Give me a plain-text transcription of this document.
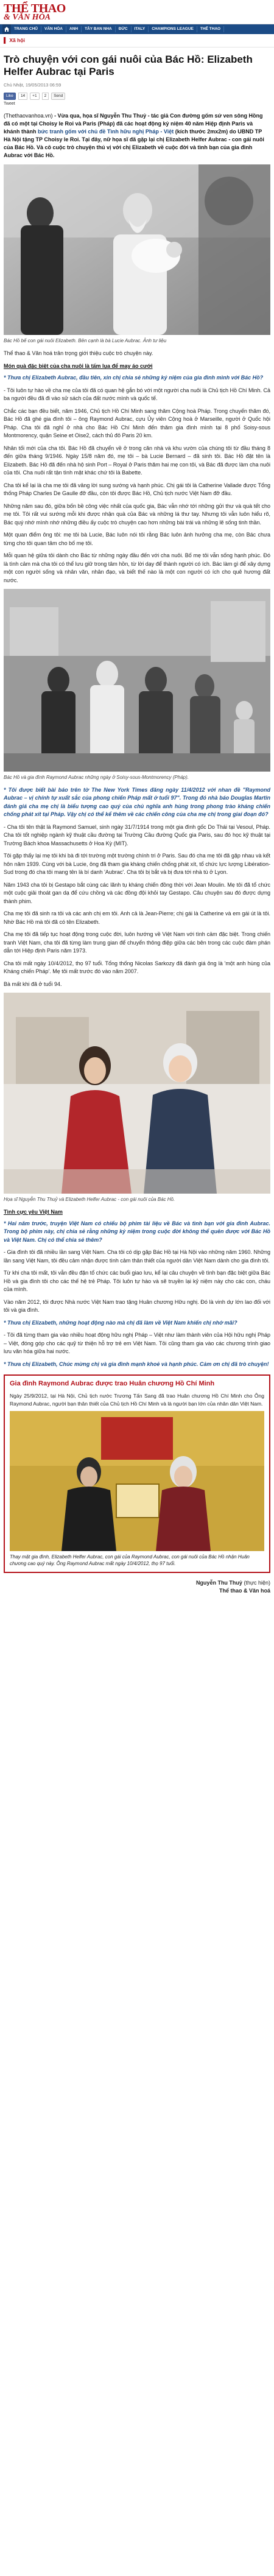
THỂ THAO
& VĂN HÓA
TRANG CHỦ	VĂN HÓA	ANH	TÂY BAN NHA	ĐỨC	ITALY	CHAMPIONS LEAGUE	THỂ THAO
▌ Xã hội
Trò chuyện với con gái nuôi của Bác Hồ: Elizabeth Helfer Aubrac tại Paris
Chủ Nhật, 19/05/2013 06:59
Like	14	+1	2	Send
Tweet
(Thethaovanhoa.vn) - Vừa qua, họa sĩ Nguyễn Thu Thuỷ - tác giả Con đường gốm sứ ven sông Hồng đã có một tại Choisy le Roi và Paris (Pháp) đã các hoạt động kỷ niệm 40 năm Hiệp định Paris và khánh thành bức tranh gốm với chủ đề Tình hữu nghị Pháp - Việt (kích thước 2mx2m) do UBND TP Hà Nội tặng TP Choisy le Roi. Tại đây, nữ họa sĩ đã gặp lại chị Elizabeth Helfer Aubrac - con gái nuôi của Bác Hồ. Và cô cuộc trò chuyện thú vị với chị Elizabeth về cuộc đời và tình bạn của gia đình Aubrac với Bác Hồ.
Bác Hồ bế con gái nuôi Elizabeth. Bên cạnh là bà Lucie Aubrac. Ảnh tư liệu

Thể thao & Văn hoá trân trọng giới thiệu cuộc trò chuyện này.

Món quà đặc biệt của cha nuôi là tấm lụa để may áo cưới

* Thưa chị Elizabeth Aubrac, đầu tiên, xin chị chia sẻ những ký niệm của gia đình mình với Bác Hồ?

- Tôi luôn tự hào về cha mẹ của tôi đã có quan hệ gắn bó với một người cha nuôi là Chủ tịch Hồ Chí Minh. Cả ba người đều đã đi vào sử sách của đất nước mình và quốc tế.

Chắc các bạn đều biết, năm 1946, Chủ tịch Hồ Chí Minh sang thăm Cộng hoà Pháp. Trong chuyến thăm đó, Bác Hồ đã ghé gia đình tôi – ông Raymond Aubrac, cựu Ủy viên Cộng hoà ở Marseille, người ở Quốc hội Pháp. Cha tôi đã nghỉ ở nhà cho Bác Hồ Chí Minh đến thăm gia đình mình tại 8 phố Soisy-sous Montmorency, quận Seine et Oise2, cách thủ đô Paris 20 km.

Nhân tối mới của cha tôi. Bác Hồ đã chuyển về ở trong căn nhà và khu vườn của chúng tôi từ đầu tháng 8 đến giữa tháng 9/1946. Ngày 15/8 năm đó, mẹ tôi – bà Lucie Bernard – đã sinh tôi. Bác Hồ đặt tên là Elizabeth. Bác Hồ đã đến nhà hộ sinh Port – Royal ở Paris thăm hai mẹ con tôi, và Bác đã được làm cha nuôi của tôi. Cha nuôi rất tận tình mặt khác chứ tôi là Babette.

Cha tôi kể lại là cha mẹ tôi đã vâng lời sung sướng và hạnh phúc. Chị gái tôi là Catherine Vallade được Tổng thống Pháp Charles De Gaulle đỡ đầu, còn tôi được Bác Hồ, Chủ tịch nước Việt Nam đỡ đầu.

Những năm sau đó, giữa bốn bề công việc nhất của quốc gia, Bác vẫn nhớ tới những gửi thư và quà tết cho mẹ tôi. Tôi rất vui sướng mỗi khi được nhận quà của Bác và những lá thư tay. Nhưng tôi vẫn luôn hiểu rõ, Bác quý nhớ mình nhớ những điều ấy cuộc trò chuyện cao hơn những bài trái và những lẽ sống tinh thần.

Một quan điểm ông tôi: mẹ tôi bà Lucie, Bác luôn nói tôi rằng Bác luôn ảnh hưởng cha mẹ, còn Bác chưa từng cho tôi quan tâm cho bố mẹ tôi.

Mỗi quan hệ giữa tôi dành cho Bác từ những ngày đầu đến với cha nuôi. Bố mẹ tôi vẫn sống hạnh phúc. Đó là tình cảm mà cha tôi có thể lưu giữ trong tâm hồn, từ lời dạy để thành người có ích. Bác làm gì để xây dựng một con người sống và nhân văn, nhân đạo, và biết thế nào là một con người có ích cho quê hương đất nước.

Bác Hồ và gia đình Raymond Aubrac những ngày ở Soisy-sous-Montmorency (Pháp).

* Tôi được biết bài báo trên tờ The New York Times đăng ngày 11/4/2012 với nhan đề "Raymond Aubrac – vị chính tự xuất sắc của phong chiến Pháp mất ở tuổi 97". Trong đó nhà báo Douglas Martin đánh giá cha mẹ chị là biểu tượng cao quý của chủ nghĩa anh hùng trong phong trào kháng chiến chống phát xít tại Pháp. Vậy chị có thể kể thêm về các chiến công của cha mẹ chị trong giai đoạn đó?

- Cha tôi tên thật là Raymond Samuel, sinh ngày 31/7/1914 trong một gia đình gốc Do Thái tại Vesoul, Pháp. Cha tôi tốt nghiệp ngành kỹ thuật cầu đường tại Trường Cầu đường Quốc gia Paris, sau đó học kỹ thuật tại Trường Bách khoa Massachusetts ở Hoa Kỳ (MIT).

Tôi gặp thấy lại mẹ tôi khi bà đi tới trường một trường chính tri ở Paris. Sau đó cha mẹ tôi đã gặp nhau và kết hôn năm 1939. Cùng với bà Lucie, ông đã tham gia kháng chiến chống phát xít, tổ chức lực lượng Libération-Sud trong đó cha tôi mang tên là bí danh 'Aubrac'. Cha tôi bị bắt và bị đưa tới nhà tù ở Lyon.

Năm 1943 cha tôi bị Gestapo bắt cùng các lãnh tụ kháng chiến đồng thời với Jean Moulin. Mẹ tôi đã tổ chức một cuộc giải thoát gan dạ để cứu chồng và các đồng đội khỏi tay Gestapo. Câu chuyện sau đó được dựng thành phim.

Cha mẹ tôi đã sinh ra tôi và các anh chị em tôi. Anh cả là Jean-Pierre; chị gái là Catherine và em gái út là tôi. Nhờ Bác Hồ mà tôi đã có tên Elizabeth.

Cha mẹ tôi đã tiếp tục hoạt động trong cuộc đời, luôn hướng về Việt Nam với tình cảm đặc biệt. Trong chiến tranh Việt Nam, cha tôi đã từng làm trung gian để chuyển thông điệp giữa các bên trong các cuộc đàm phán dẫn tới Hiệp định Paris năm 1973.

Cha tôi mất ngày 10/4/2012, thọ 97 tuổi. Tổng thống Nicolas Sarkozy đã đánh giá ông là 'một anh hùng của Kháng chiến Pháp'. Mẹ tôi mất trước đó vào năm 2007.

Bà mất khi đã ở tuổi 94.

Họa sĩ Nguyễn Thu Thuỷ và Elizabeth Helfer Aubrac - con gái nuôi của Bác Hồ.
Tình cực yêu Việt Nam

* Hai năm trước, truyện Việt Nam có chiếu bộ phim tài liệu về Bác và tình bạn với gia đình Aubrac. Trong bộ phim này, chị chia sẻ rằng những kỷ niệm trong cuộc đời không thể quên được với Bác Hồ và Việt Nam. Chị có thể chia sẻ thêm?

- Gia đình tôi đã nhiều lần sang Việt Nam. Cha tôi có dịp gặp Bác Hồ tại Hà Nội vào những năm 1960. Những lần sang Việt Nam, tôi đều cảm nhận được tình cảm thân thiết của người dân Việt Nam dành cho gia đình tôi.

Từ khi cha tôi mất, tôi vẫn đều đặn tổ chức các buổi giao lưu, kể lại câu chuyện về tình bạn đặc biệt giữa Bác Hồ và gia đình tôi cho các thế hệ trẻ Pháp. Tôi luôn tự hào và sẽ truyền lại kỷ niệm này cho các con, cháu của mình.

Vào năm 2012, tôi được Nhà nước Việt Nam trao tặng Huân chương Hữu nghị. Đó là vinh dự lớn lao đối với tôi và gia đình.

* Thưa chị Elizabeth, những hoạt động nào mà chị đã làm về Việt Nam khiến chị nhớ mãi?

- Tôi đã từng tham gia vào nhiều hoạt động hữu nghị Pháp – Việt như làm thành viên của Hội hữu nghị Pháp – Việt, đóng góp cho các quỹ từ thiện hỗ trợ trẻ em Việt Nam. Tôi cũng tham gia vào các chương trình giao lưu văn hóa giữa hai nước.

* Thưa chị Elizabeth, Chúc mừng chị và gia đình mạnh khoẻ và hạnh phúc. Cảm ơn chị đã trò chuyện!

Gia đình Raymond Aubrac được trao Huân chương Hồ Chí Minh
Ngày 25/9/2012, tại Hà Nội, Chủ tịch nước Trương Tấn Sang đã trao Huân chương Hồ Chí Minh cho Ông Raymond Aubrac, người bạn thân thiết của Chủ tịch Hồ Chí Minh và là người bạn lớn của nhân dân Việt Nam.
Thay mặt gia đình, Elizabeth Helfer Aubrac, con gái của Raymond Aubrac, con gái nuôi của Bác Hồ nhận Huân chương cao quý này. Ông Raymond Aubrac mất ngày 10/4/2012, thọ 97 tuổi.
Nguyễn Thu Thuỷ (thực hiện)
Thể thao & Văn hoá
